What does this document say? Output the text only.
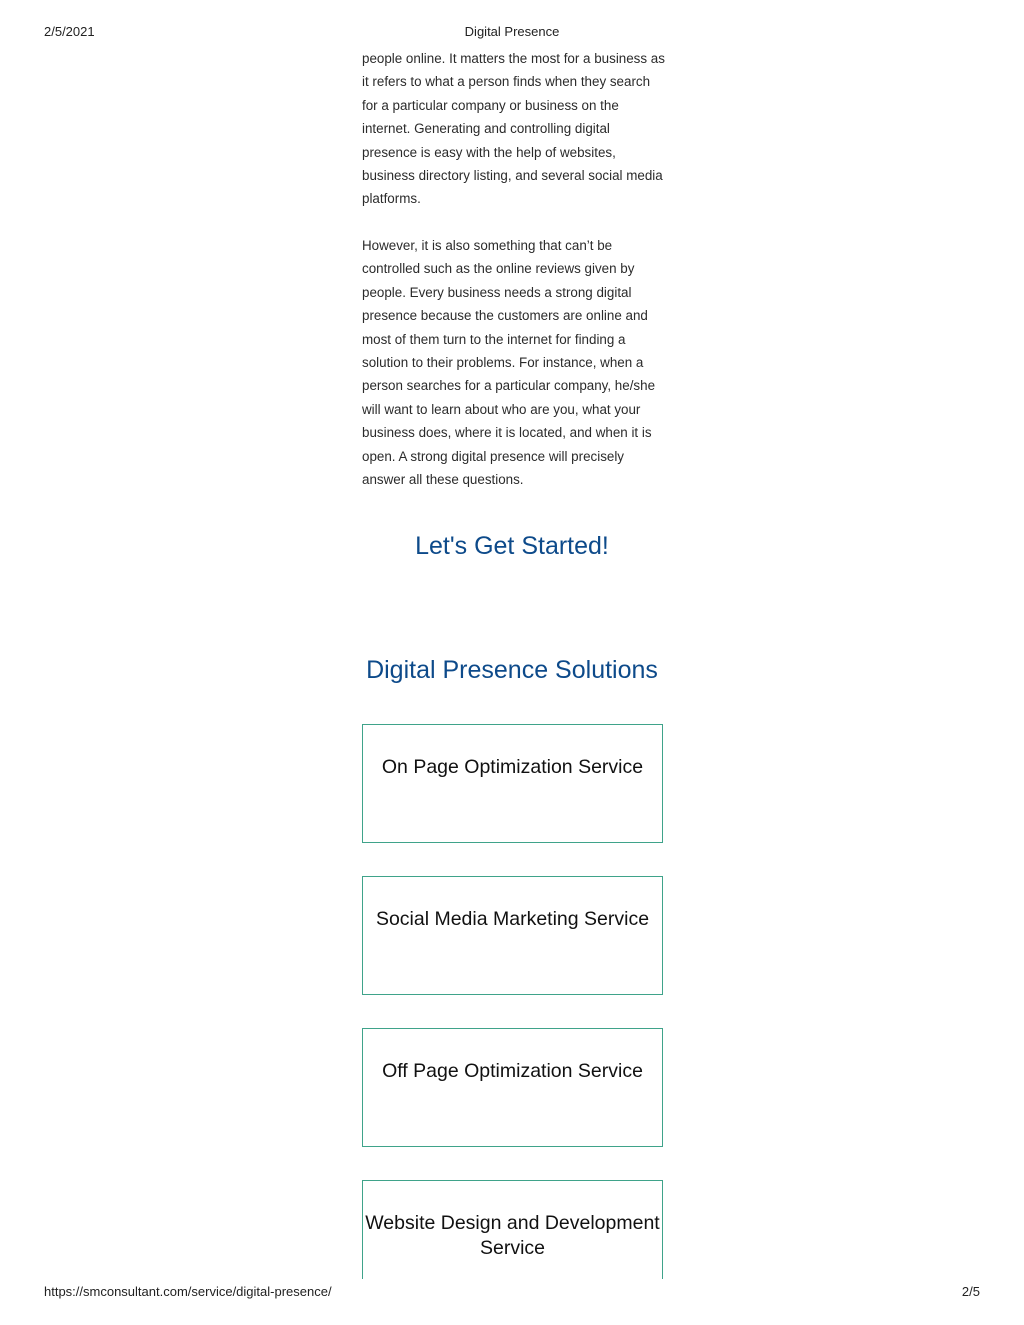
2/5/2021	Digital Presence

people online. It matters the most for a business as it refers to what a person finds when they search for a particular company or business on the internet. Generating and controlling digital presence is easy with the help of websites, business directory listing, and several social media platforms.

However, it is also something that can’t be controlled such as the online reviews given by people. Every business needs a strong digital presence because the customers are online and most of them turn to the internet for finding a solution to their problems. For instance, when a person searches for a particular company, he/she will want to learn about who are you, what your business does, where it is located, and when it is open. A strong digital presence will precisely answer all these questions.

Let's Get Started!
Digital Presence Solutions
On Page Optimization Service
Social Media Marketing Service
Off Page Optimization Service
Website Design and Development Service
https://smconsultant.com/service/digital-presence/	2/5
